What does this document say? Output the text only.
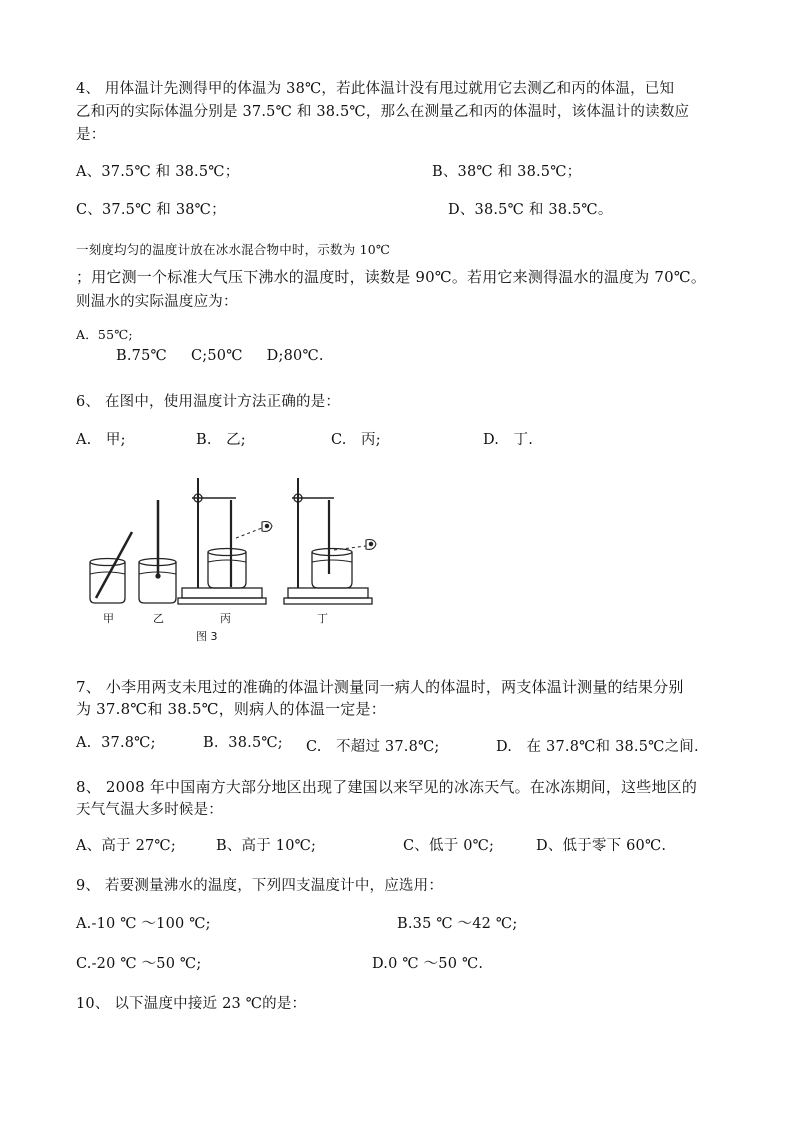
4、 用体温计先测得甲的体温为 38℃，若此体温计没有甩过就用它去测乙和丙的体温，已知
乙和丙的实际体温分别是 37.5℃ 和 38.5℃，那么在测量乙和丙的体温时，该体温计的读数应
是：
A、37.5℃ 和 38.5℃；	B、38℃ 和 38.5℃；
C、37.5℃ 和 38℃；	D、38.5℃ 和 38.5℃。
一刻度均匀的温度计放在冰水混合物中时，示数为 10℃
；用它测一个标准大气压下沸水的温度时，读数是 90℃。若用它来测得温水的温度为 70℃。
则温水的实际温度应为：
A．55℃;
B.75℃     C;50℃     D;80℃.
6、 在图中，使用温度计方法正确的是：
A.   甲;	B.   乙;	C.   丙;	D.   丁.
甲	乙	丙	丁
图 3
7、 小李用两支未甩过的准确的体温计测量同一病人的体温时，两支体温计测量的结果分别
为 37.8℃和 38.5℃，则病人的体温一定是：
A.  37.8℃;	B.  38.5℃; C.   不超过 37.8℃;	D.   在 37.8℃和 38.5℃之间.
8、 2008 年中国南方大部分地区出现了建国以来罕见的冰冻天气。在冰冻期间，这些地区的
天气气温大多时候是：
A、高于 27℃;	B、高于 10℃;	C、低于 0℃;	D、低于零下 60℃.
9、 若要测量沸水的温度，下列四支温度计中，应选用：
A.-10 ℃ ～100 ℃;	B.35 ℃ ～42 ℃;
C.-20 ℃ ～50 ℃;	D.0 ℃ ～50 ℃.
10、 以下温度中接近 23 ℃的是：
